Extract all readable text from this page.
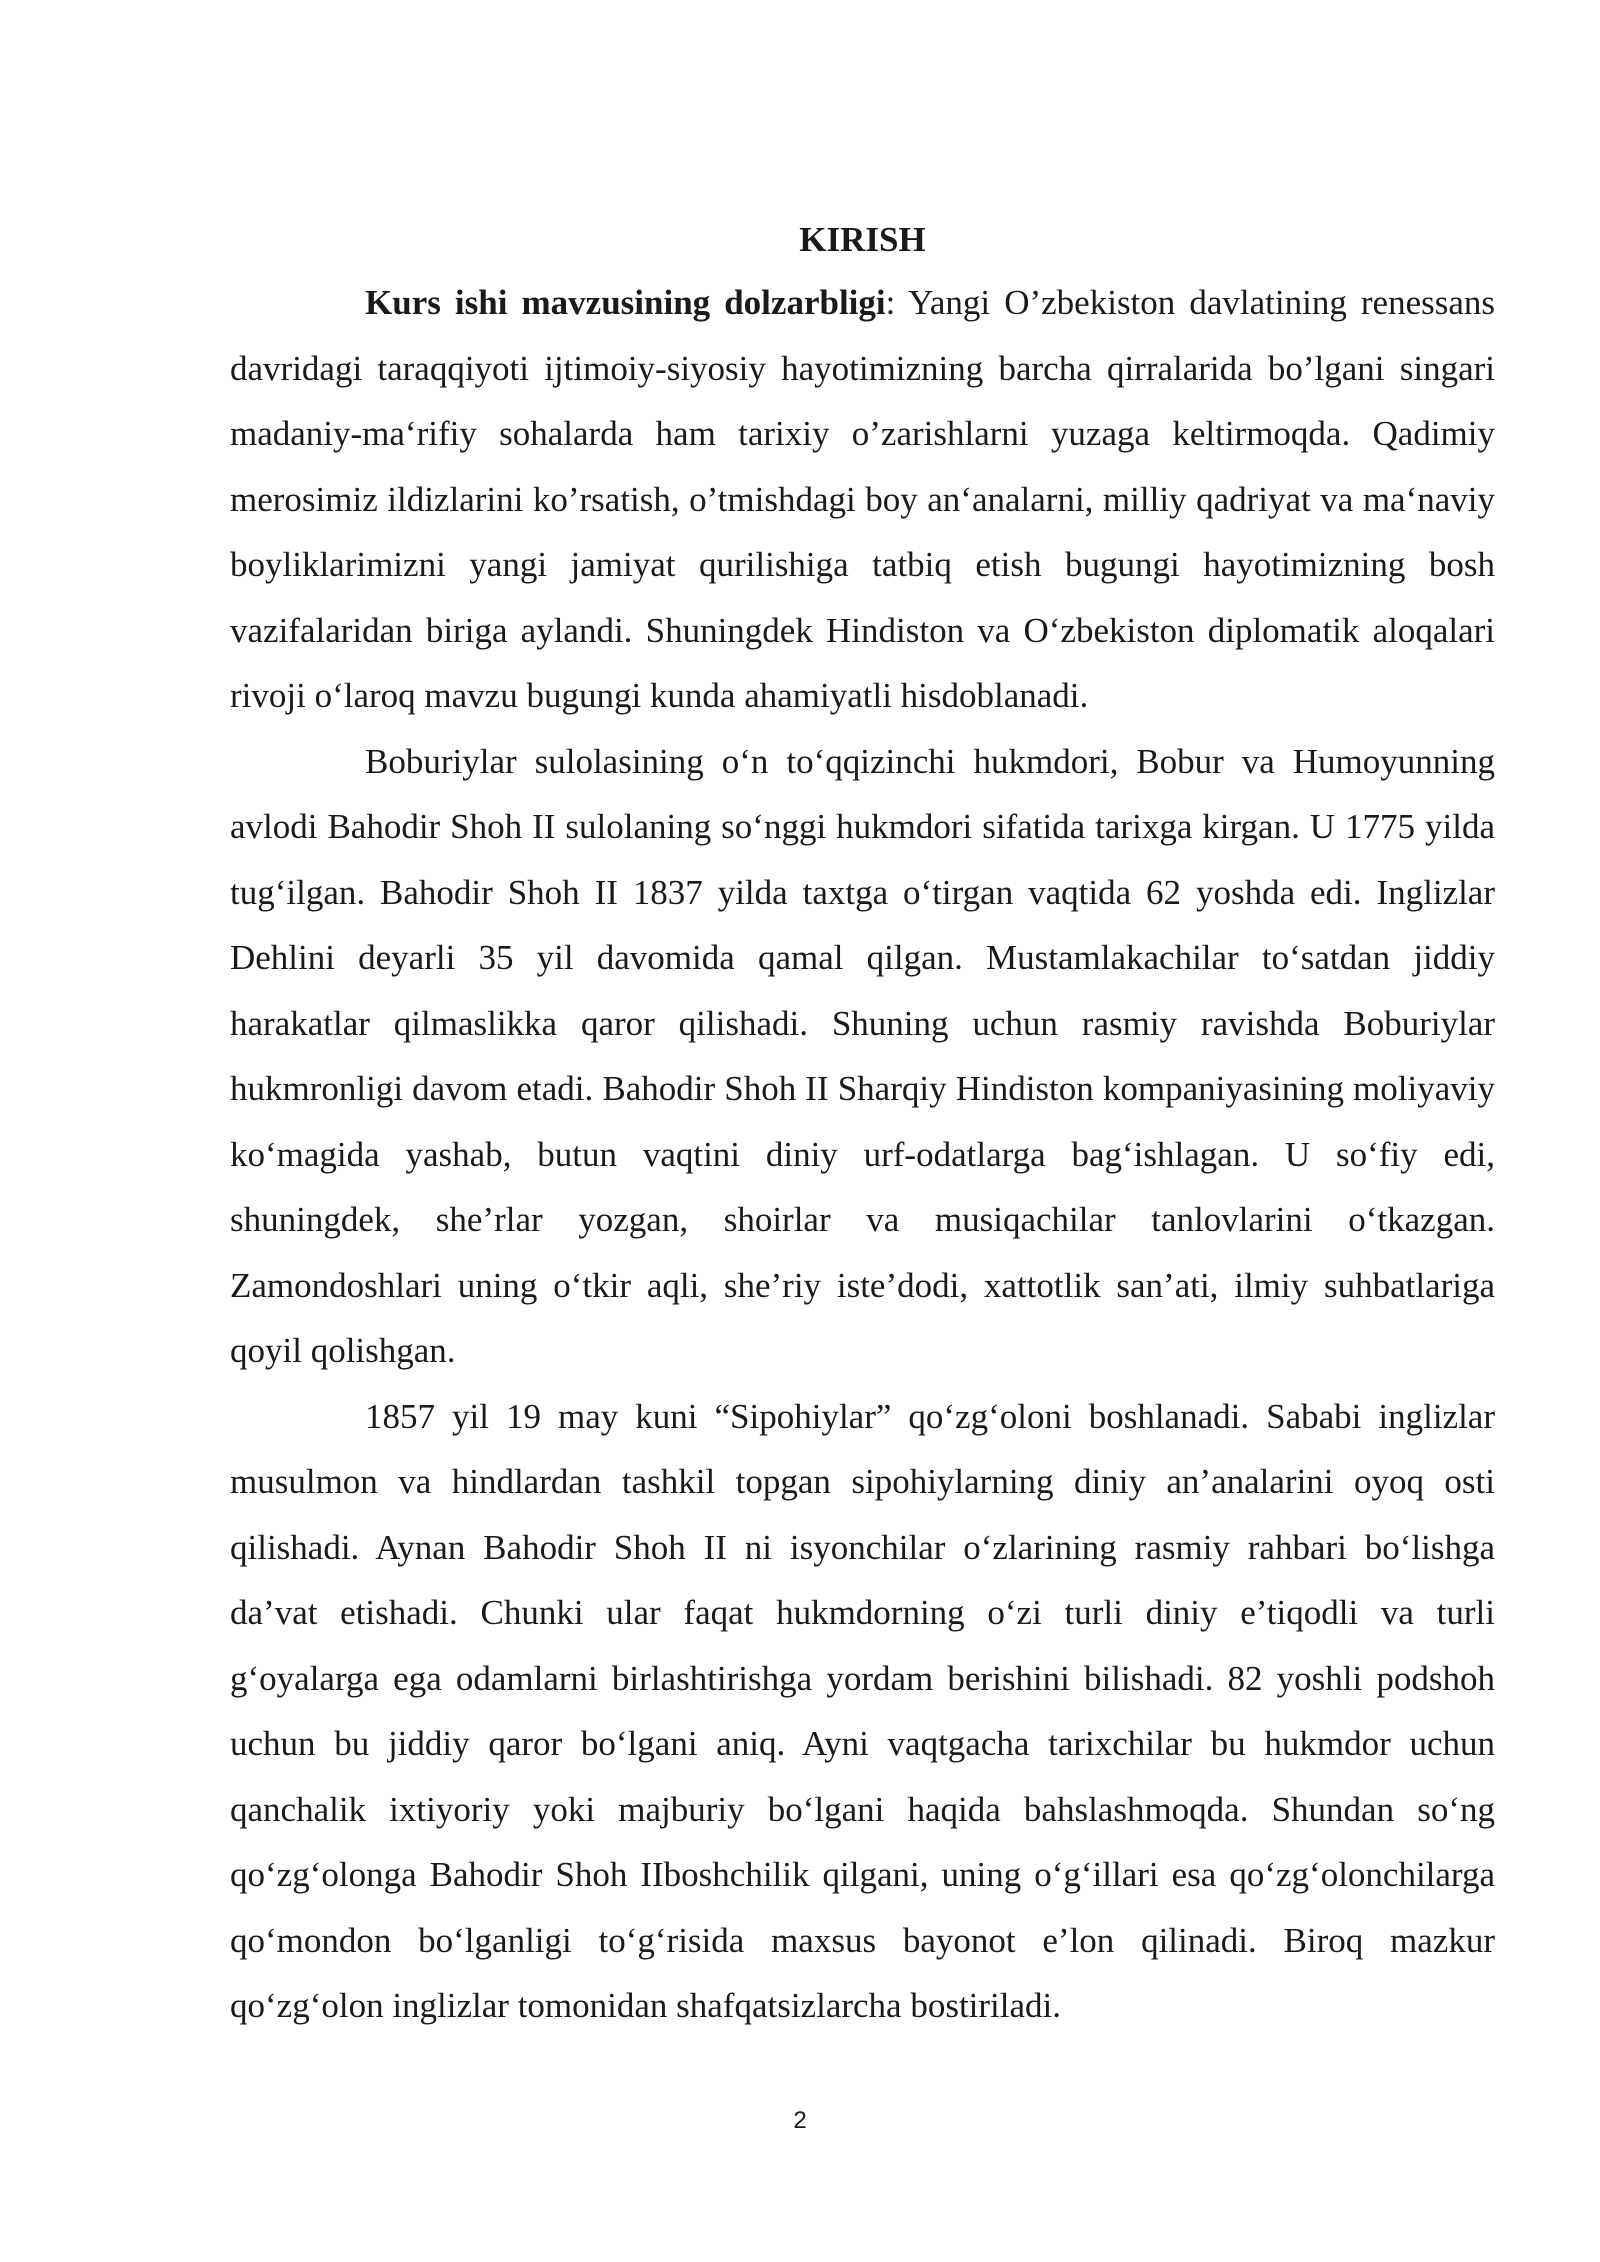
KIRISH

Kurs ishi mavzusining dolzarbligi: Yangi O’zbekiston davlatining renessans davridagi taraqqiyoti ijtimoiy-siyosiy hayotimizning barcha qirralarida bo’lgani singari madaniy-ma‘rifiy sohalarda ham tarixiy o’zarishlarni yuzaga keltirmoqda. Qadimiy merosimiz ildizlarini ko’rsatish, o’tmishdagi boy an‘analarni, milliy qadriyat va ma‘naviy boyliklarimizni yangi jamiyat qurilishiga tatbiq etish bugungi hayotimizning bosh vazifalaridan biriga aylandi. Shuningdek Hindiston va O‘zbekiston diplomatik aloqalari rivoji o‘laroq mavzu bugungi kunda ahamiyatli hisdoblanadi.

Boburiylar sulolasining o‘n to‘qqizinchi hukmdori, Bobur va Humoyunning avlodi Bahodir Shoh II sulolaning so‘nggi hukmdori sifatida tarixga kirgan. U 1775 yilda tug‘ilgan. Bahodir Shoh II 1837 yilda taxtga o‘tirgan vaqtida 62 yoshda edi. Inglizlar Dehlini deyarli 35 yil davomida qamal qilgan. Mustamlakachilar to‘satdan jiddiy harakatlar qilmaslikka qaror qilishadi. Shuning uchun rasmiy ravishda Boburiylar hukmronligi davom etadi. Bahodir Shoh II Sharqiy Hindiston kompaniyasining moliyaviy ko‘magida yashab, butun vaqtini diniy urf-odatlarga bag‘ishlagan. U so‘fiy edi, shuningdek, she’rlar yozgan, shoirlar va musiqachilar tanlovlarini o‘tkazgan. Zamondoshlari uning o‘tkir aqli, she’riy iste’dodi, xattotlik san’ati, ilmiy suhbatlariga qoyil qolishgan.

1857 yil 19 may kuni “Sipohiylar” qo‘zg‘oloni boshlanadi. Sababi inglizlar musulmon va hindlardan tashkil topgan sipohiylarning diniy an’analarini oyoq osti qilishadi. Aynan Bahodir Shoh II ni isyonchilar o‘zlarining rasmiy rahbari bo‘lishga da’vat etishadi. Chunki ular faqat hukmdorning o‘zi turli diniy e’tiqodli va turli g‘oyalarga ega odamlarni birlashtirishga yordam berishini bilishadi. 82 yoshli podshoh uchun bu jiddiy qaror bo‘lgani aniq. Ayni vaqtgacha tarixchilar bu hukmdor uchun qanchalik ixtiyoriy yoki majburiy bo‘lgani haqida bahslashmoqda. Shundan so‘ng qo‘zg‘olonga Bahodir Shoh IIboshchilik qilgani, uning o‘g‘illari esa qo‘zg‘olonchilarga qo‘mondon bo‘lganligi to‘g‘risida maxsus bayonot e’lon qilinadi. Biroq mazkur qo‘zg‘olon inglizlar tomonidan shafqatsizlarcha bostiriladi.

2
